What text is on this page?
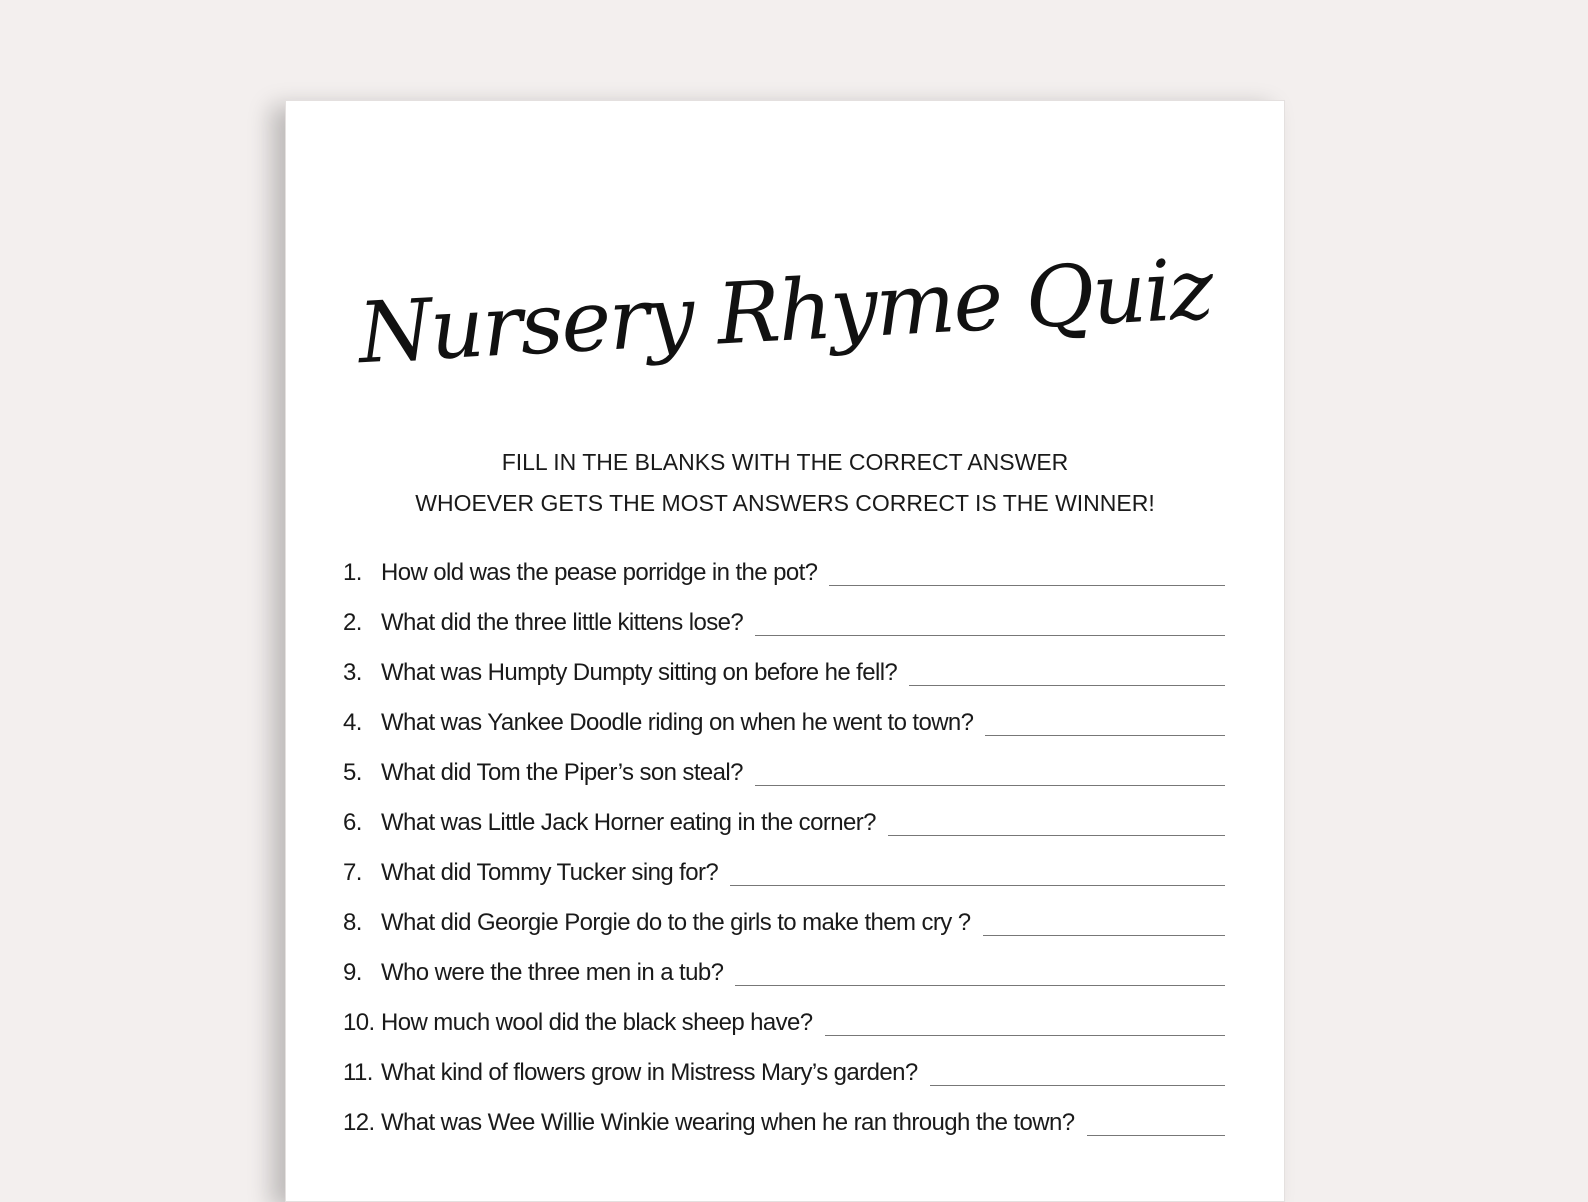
Nursery Rhyme Quiz
FILL IN THE BLANKS WITH THE CORRECT ANSWER
WHOEVER GETS THE MOST ANSWERS CORRECT IS THE WINNER!
1. How old was the pease porridge in the pot?
2. What did the three little kittens lose?
3. What was Humpty Dumpty sitting on before he fell?
4. What was Yankee Doodle riding on when he went to town?
5. What did Tom the Piper’s son steal?
6. What was Little Jack Horner eating in the corner?
7. What did Tommy Tucker sing for?
8. What did Georgie Porgie do to the girls to make them cry ?
9. Who were the three men in a tub?
10. How much wool did the black sheep have?
11. What kind of flowers grow in Mistress Mary’s garden?
12. What was Wee Willie Winkie wearing when he ran through the town?
